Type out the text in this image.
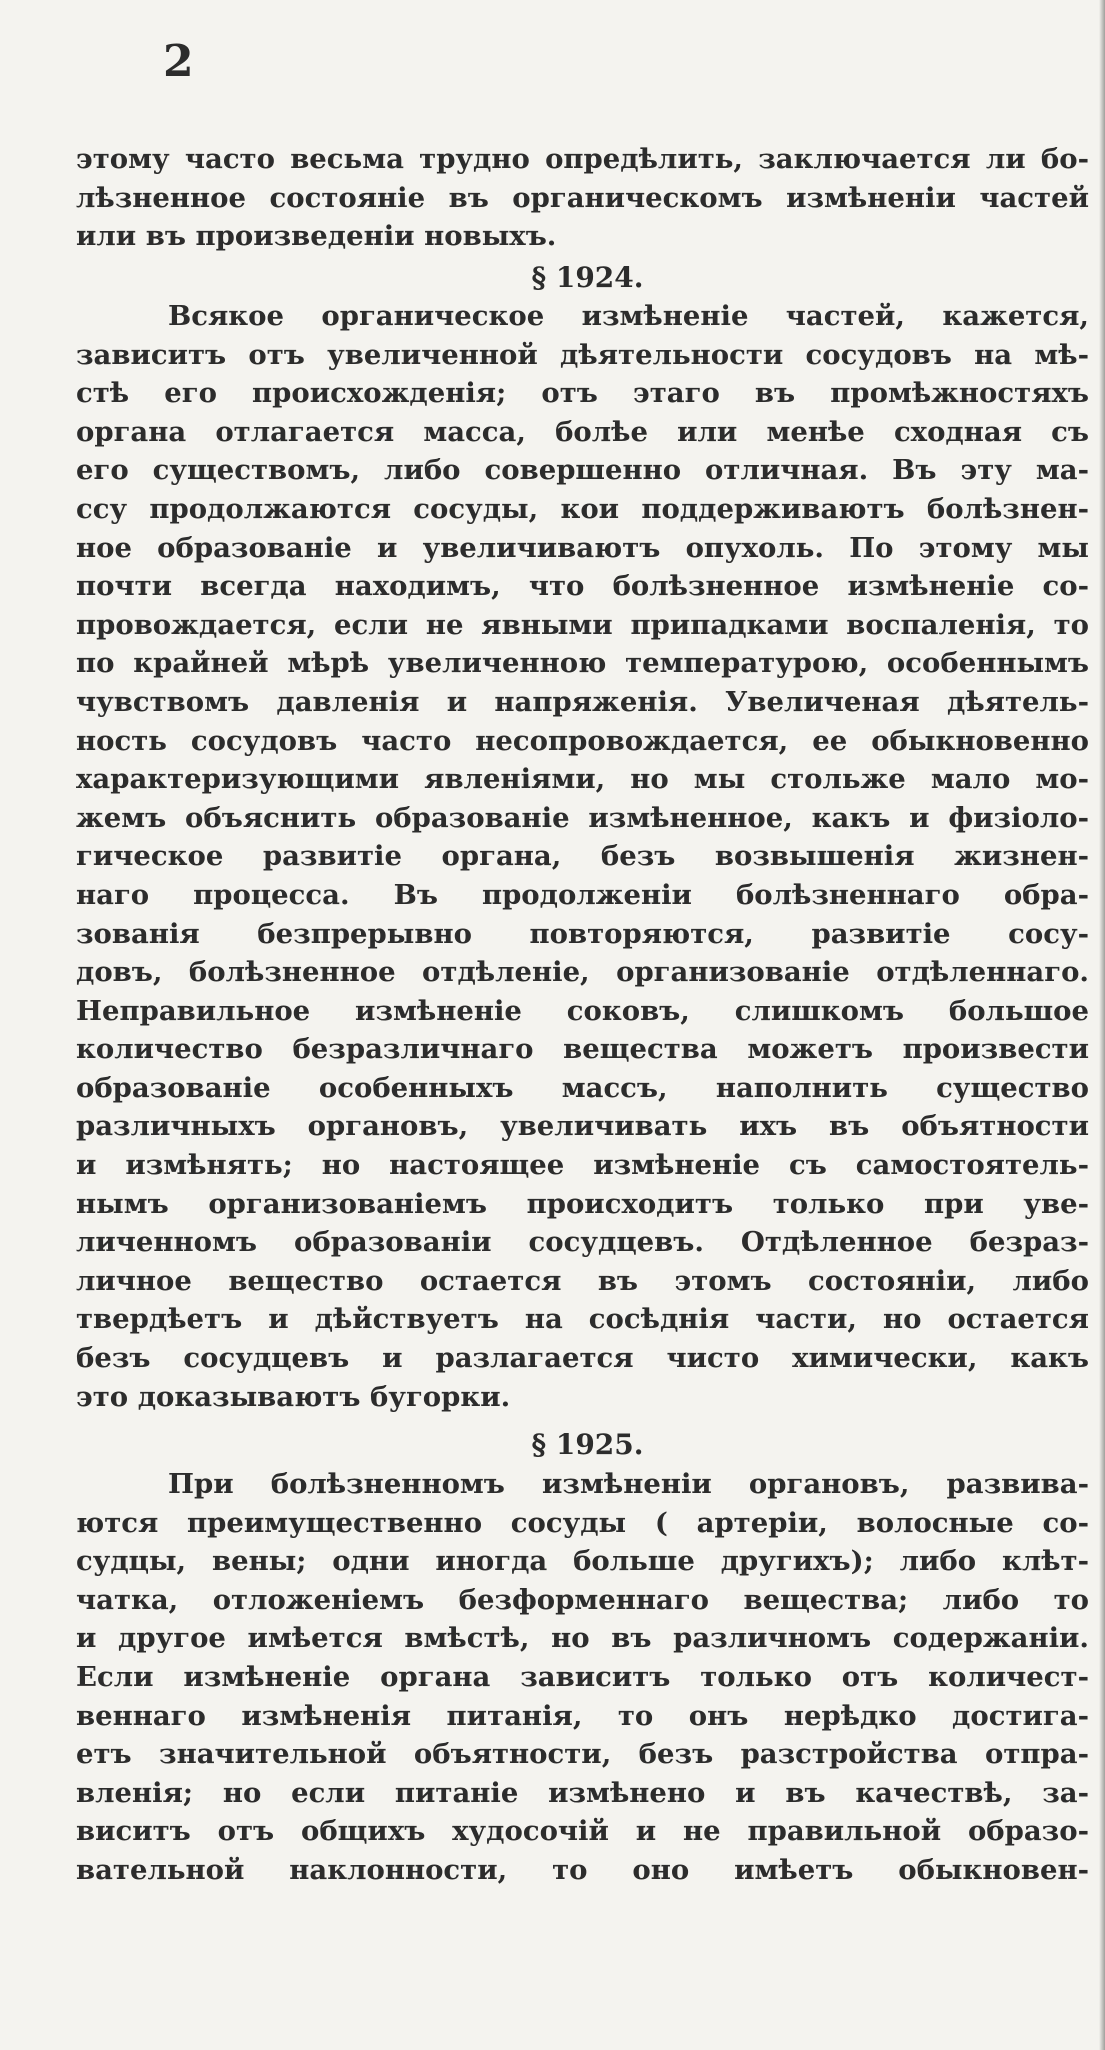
2
этому часто весьма трудно опредѣлить, заключается ли бо-
лѣзненное состояніе въ органическомъ измѣненіи частей
или въ произведеніи новыхъ.
§ 1924.
Всякое органическое измѣненіе частей, кажется,
зависитъ отъ увеличенной дѣятельности сосудовъ на мѣ-
стѣ его происхожденія; отъ этаго въ промѣжностяхъ
органа отлагается масса, болѣе или менѣе сходная съ
его существомъ, либо совершенно отличная. Въ эту ма-
ссу продолжаются сосуды, кои поддерживаютъ болѣзнен-
ное образованіе и увеличиваютъ опухоль. По этому мы
почти всегда находимъ, что болѣзненное измѣненіе со-
провождается, если не явными припадками воспаленія, то
по крайней мѣрѣ увеличенною температурою, особеннымъ
чувствомъ давленія и напряженія. Увеличеная дѣятель-
ность сосудовъ часто несопровождается, ее обыкновенно
характеризующими явленіями, но мы стольже мало мо-
жемъ объяснить образованіе измѣненное, какъ и физіоло-
гическое развитіе органа, безъ возвышенія жизнен-
наго процесса. Въ продолженіи болѣзненнаго обра-
зованія безпрерывно повторяются, развитіе сосу-
довъ, болѣзненное отдѣленіе, организованіе отдѣленнаго.
Неправильное измѣненіе соковъ, слишкомъ большое
количество безразличнаго вещества можетъ произвести
образованіе особенныхъ массъ, наполнить существо
различныхъ органовъ, увеличивать ихъ въ объятности
и измѣнять; но настоящее измѣненіе съ самостоятель-
нымъ организованіемъ происходитъ только при уве-
личенномъ образованіи сосудцевъ. Отдѣленное безраз-
личное вещество остается въ этомъ состояніи, либо
твердѣетъ и дѣйствуетъ на сосѣднія части, но остается
безъ сосудцевъ и разлагается чисто химически, какъ
это доказываютъ бугорки.
§ 1925.
При болѣзненномъ измѣненіи органовъ, развива-
ются преимущественно сосуды ( артеріи, волосные со-
судцы, вены; одни иногда больше другихъ); либо клѣт-
чатка, отложеніемъ безформеннаго вещества; либо то
и другое имѣется вмѣстѣ, но въ различномъ содержаніи.
Если измѣненіе органа зависитъ только отъ количест-
веннаго измѣненія питанія, то онъ нерѣдко достига-
етъ значительной объятности, безъ разстройства отпра-
вленія; но если питаніе измѣнено и въ качествѣ, за-
виситъ отъ общихъ худосочій и не правильной образо-
вательной наклонности, то оно имѣетъ обыкновен-
